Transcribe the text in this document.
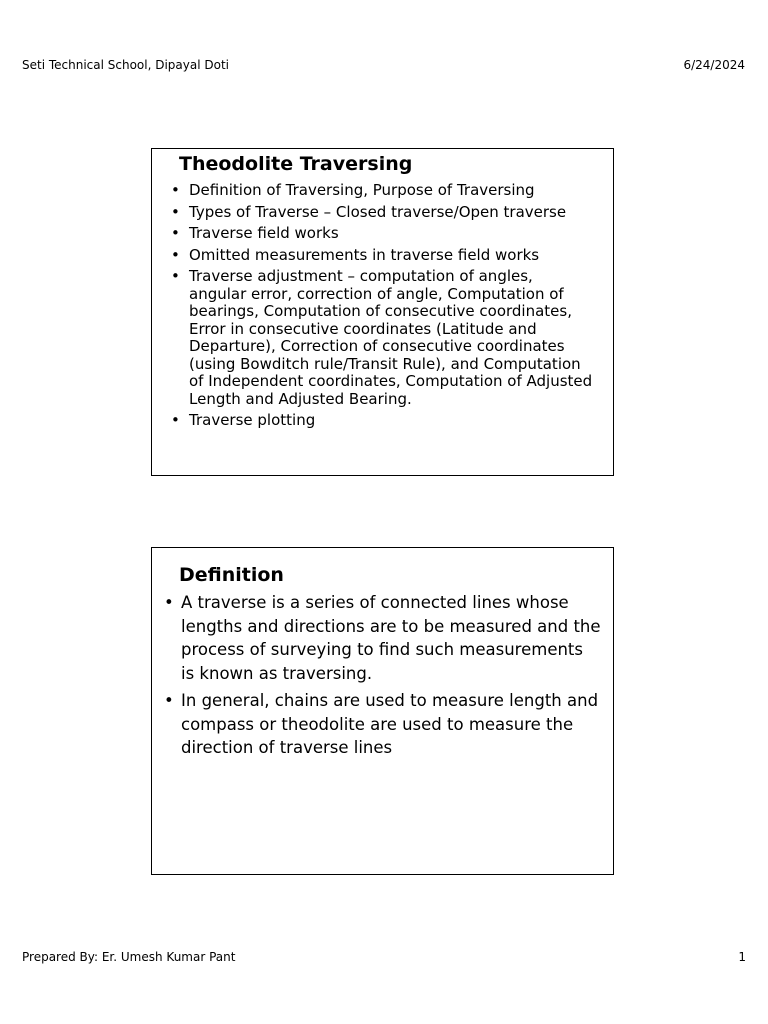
Seti Technical School, Dipayal Doti	6/24/2024
Theodolite Traversing
• Definition of Traversing, Purpose of Traversing
• Types of Traverse – Closed traverse/Open traverse
• Traverse field works
• Omitted measurements in traverse field works
• Traverse adjustment – computation of angles, angular error, correction of angle, Computation of bearings, Computation of consecutive coordinates, Error in consecutive coordinates (Latitude and Departure), Correction of consecutive coordinates (using Bowditch rule/Transit Rule), and Computation of Independent coordinates, Computation of Adjusted Length and Adjusted Bearing.
• Traverse plotting
Definition
• A traverse is a series of connected lines whose lengths and directions are to be measured and the process of surveying to find such measurements is known as traversing.
• In general, chains are used to measure length and compass or theodolite are used to measure the direction of traverse lines
Prepared By: Er. Umesh Kumar Pant	1
